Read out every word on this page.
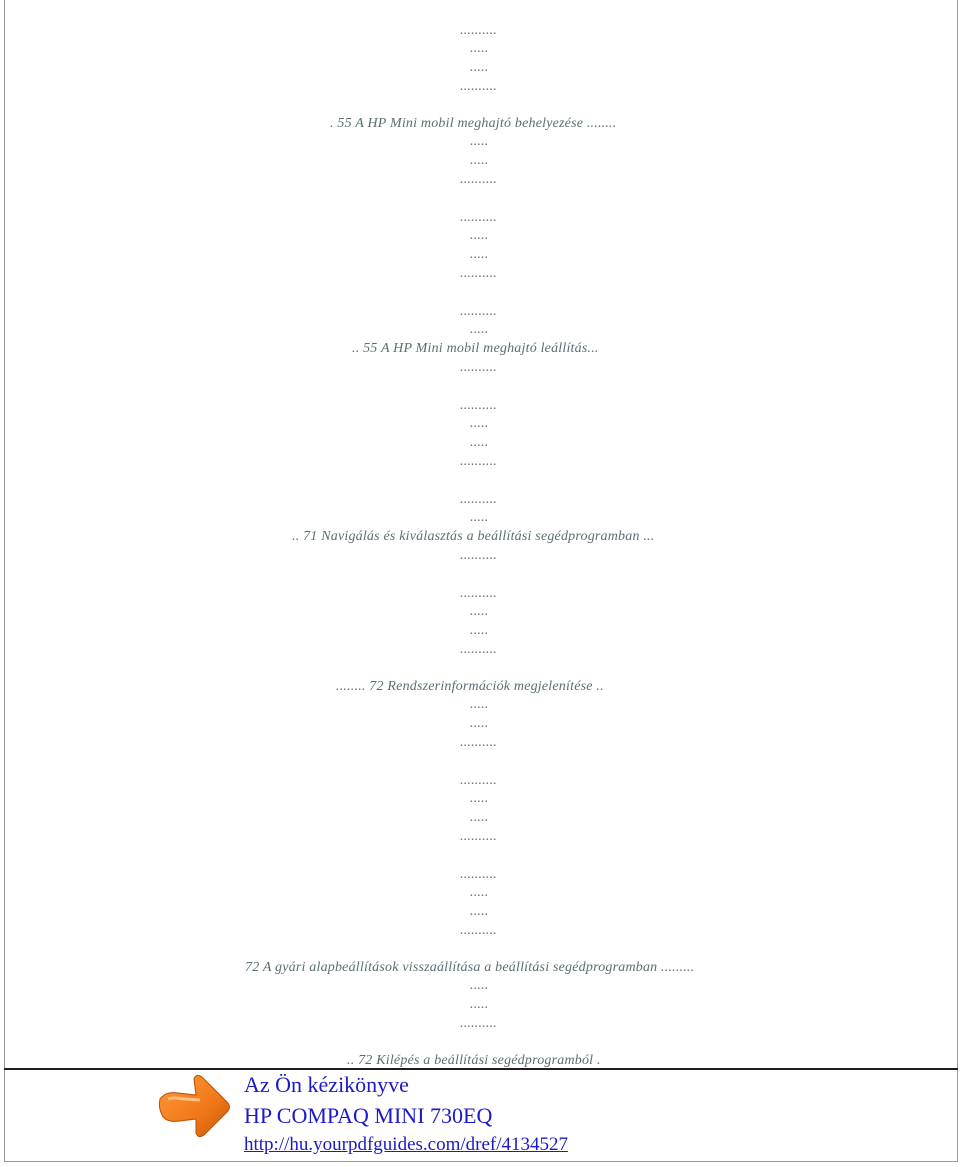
..........
.....
.....
..........
. 55 A HP Mini mobil meghajtó behelyezése ........
.....
.....
..........
..........
.....
.....
..........
..........
.....
.. 55 A HP Mini mobil meghajtó leállítás...
..........
..........
.....
.....
..........
..........
.....
.. 71 Navigálás és kiválasztás a beállítási segédprogramban ...
..........
..........
.....
.....
..........
........ 72 Rendszerinformációk megjelenítése ..
.....
.....
..........
..........
.....
.....
..........
..........
.....
.....
..........
72 A gyári alapbeállítások visszaállítása a beállítási segédprogramban .........
.....
.....
..........
.. 72 Kilépés a beállítási segédprogramból .
Az Ön kézikönyve
HP COMPAQ MINI 730EQ
http://hu.yourpdfguides.com/dref/4134527
